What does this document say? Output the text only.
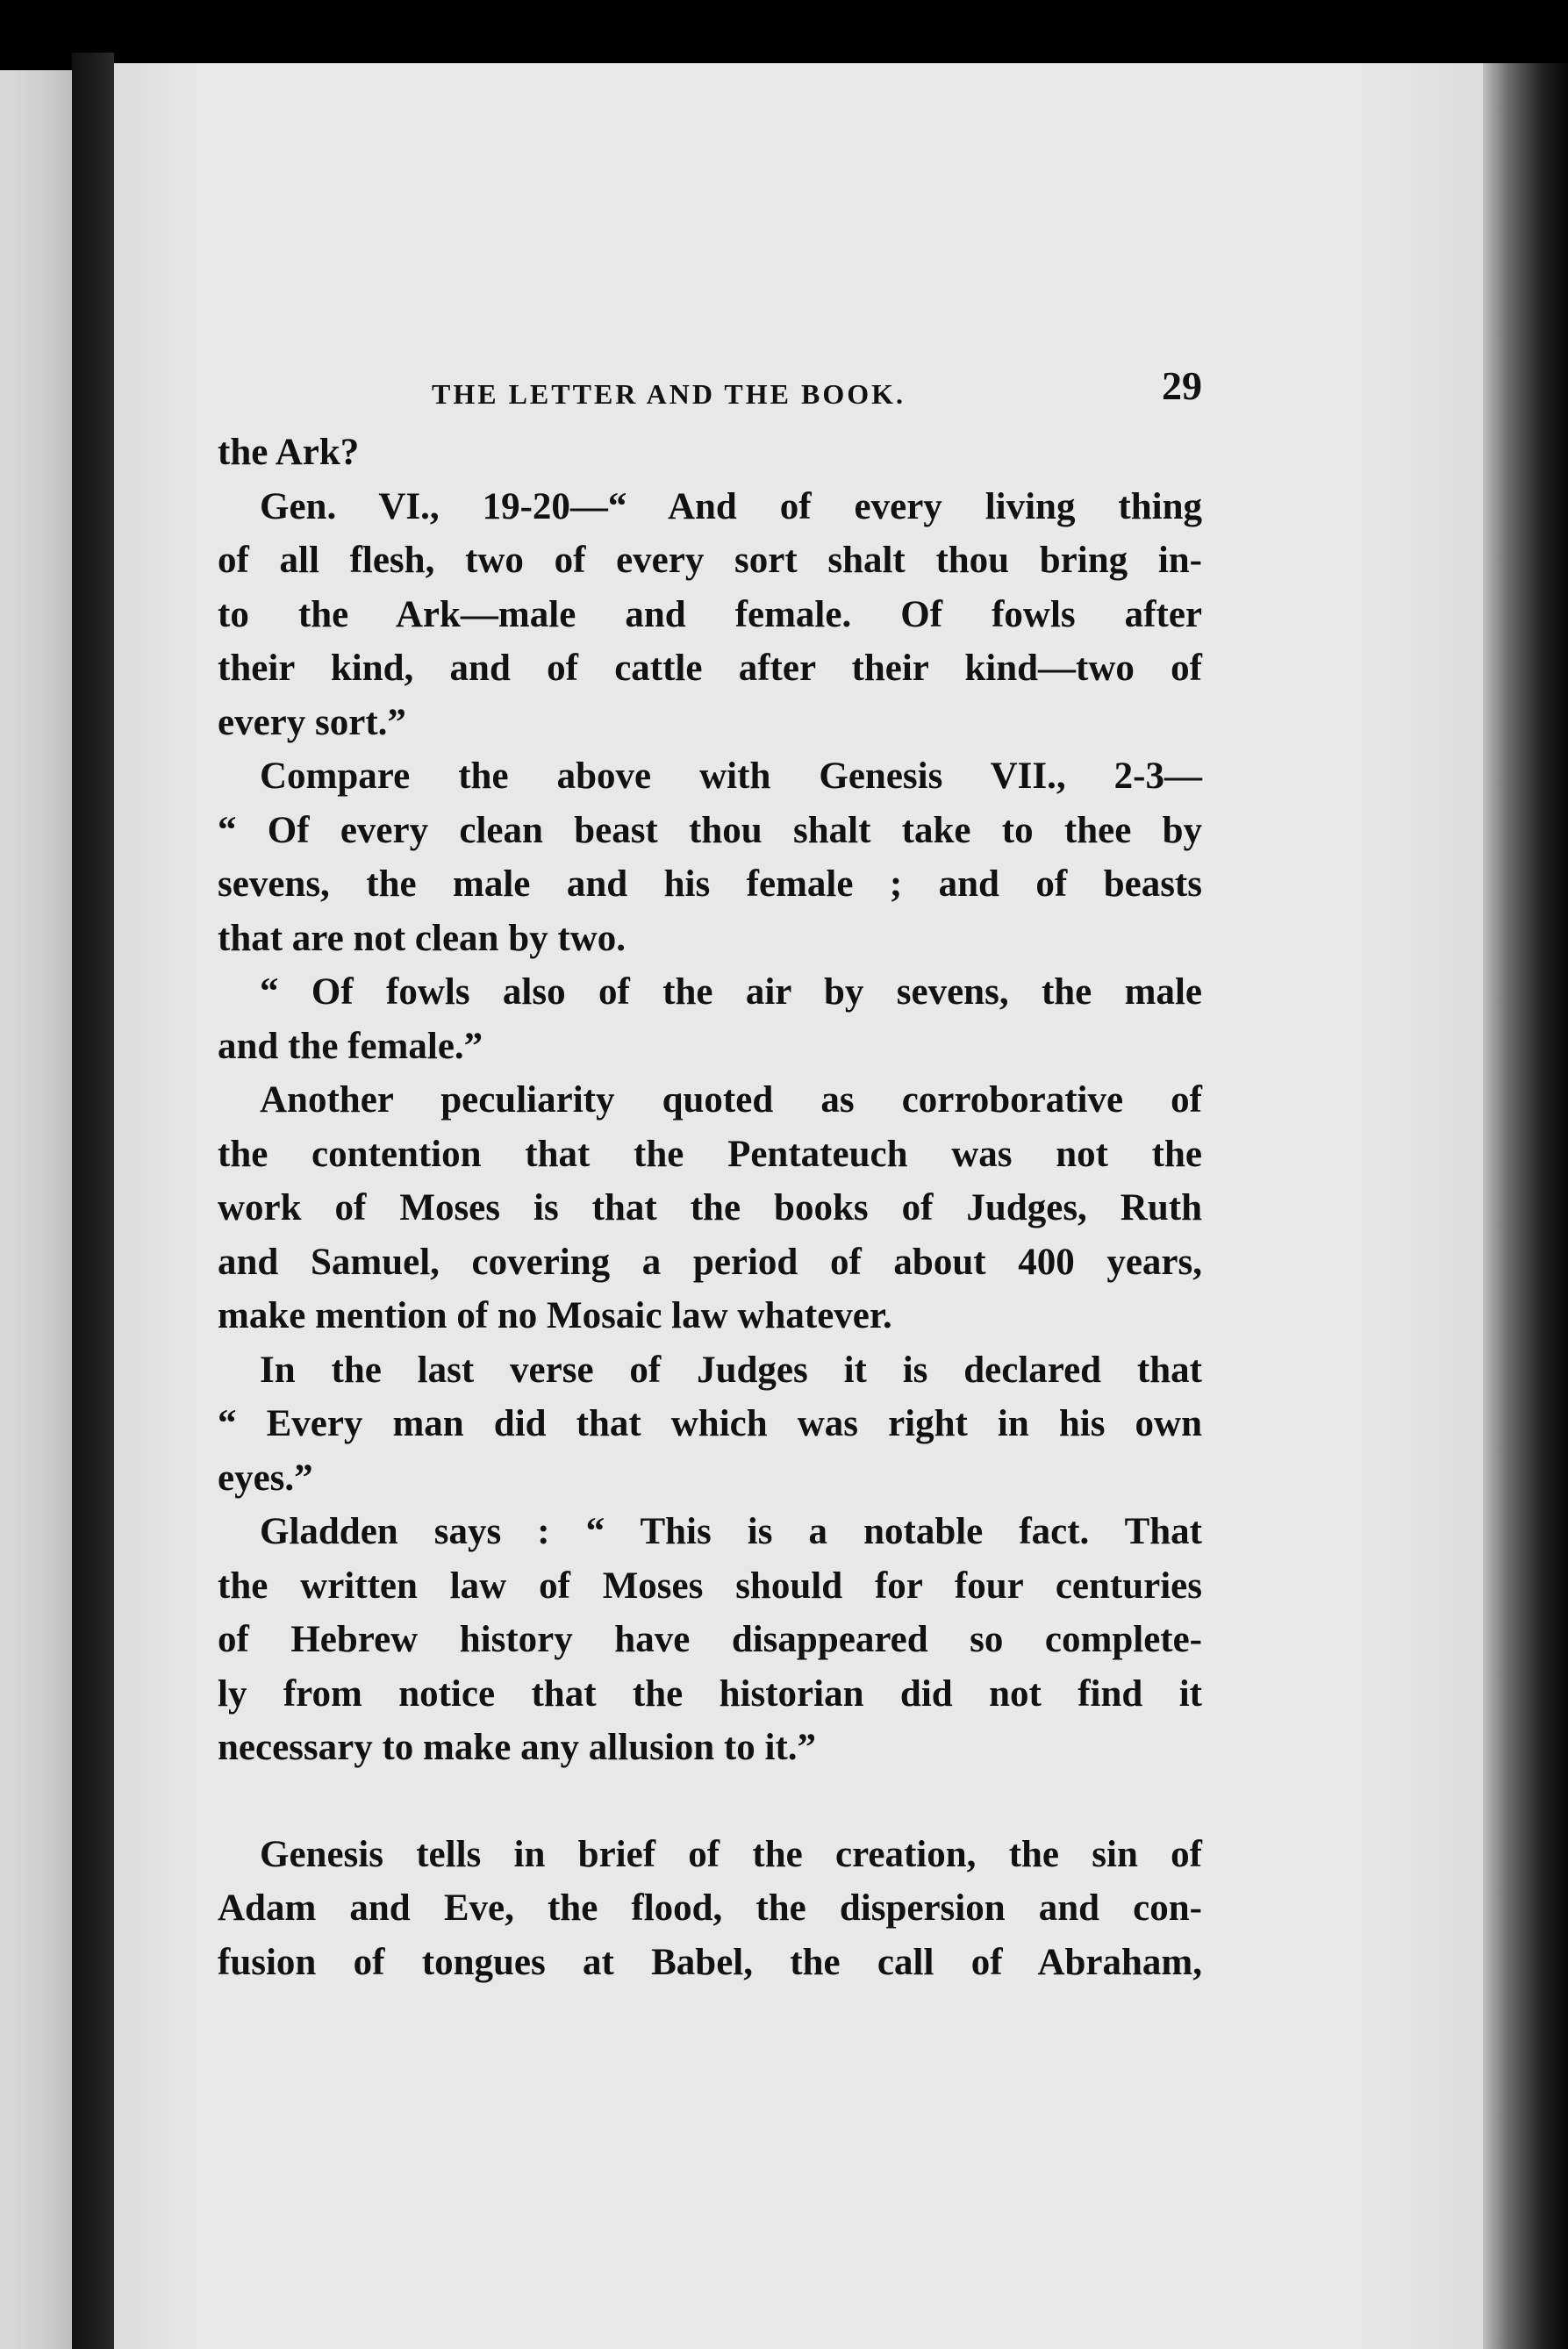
THE LETTER AND THE BOOK.	29
the Ark?
Gen. VI., 19-20—“ And of every living thing
of all flesh, two of every sort shalt thou bring in-
to the Ark—male and female. Of fowls after
their kind, and of cattle after their kind—two of
every sort.”
Compare the above with Genesis VII., 2-3—
“ Of every clean beast thou shalt take to thee by
sevens, the male and his female ; and of beasts
that are not clean by two.
“ Of fowls also of the air by sevens, the male
and the female.”
Another peculiarity quoted as corroborative of
the contention that the Pentateuch was not the
work of Moses is that the books of Judges, Ruth
and Samuel, covering a period of about 400 years,
make mention of no Mosaic law whatever.
In the last verse of Judges it is declared that
“ Every man did that which was right in his own
eyes.”
Gladden says : “ This is a notable fact. That
the written law of Moses should for four centuries
of Hebrew history have disappeared so complete-
ly from notice that the historian did not find it
necessary to make any allusion to it.”
Genesis tells in brief of the creation, the sin of
Adam and Eve, the flood, the dispersion and con-
fusion of tongues at Babel, the call of Abraham,
